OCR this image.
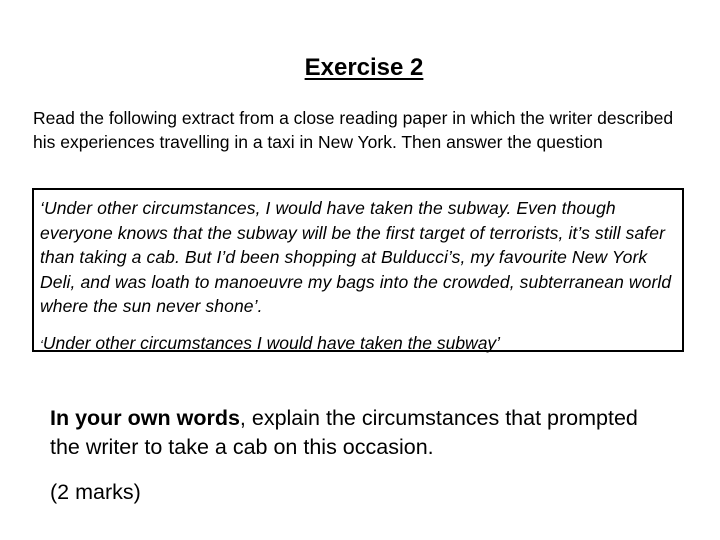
Exercise 2

Read the following extract from a close reading paper in which the writer described his experiences travelling in a taxi in New York. Then answer the question

‘Under other circumstances, I would have taken the subway. Even though everyone knows that the subway will be the first target of terrorists, it’s still safer than taking a cab. But I’d been shopping at Bulducci’s, my favourite New York Deli, and was loath to manoeuvre my bags into the crowded, subterranean world where the sun never shone’.

‘Under other circumstances I would have taken the subway’

In your own words, explain the circumstances that prompted the writer to take a cab on this occasion.

(2 marks)
